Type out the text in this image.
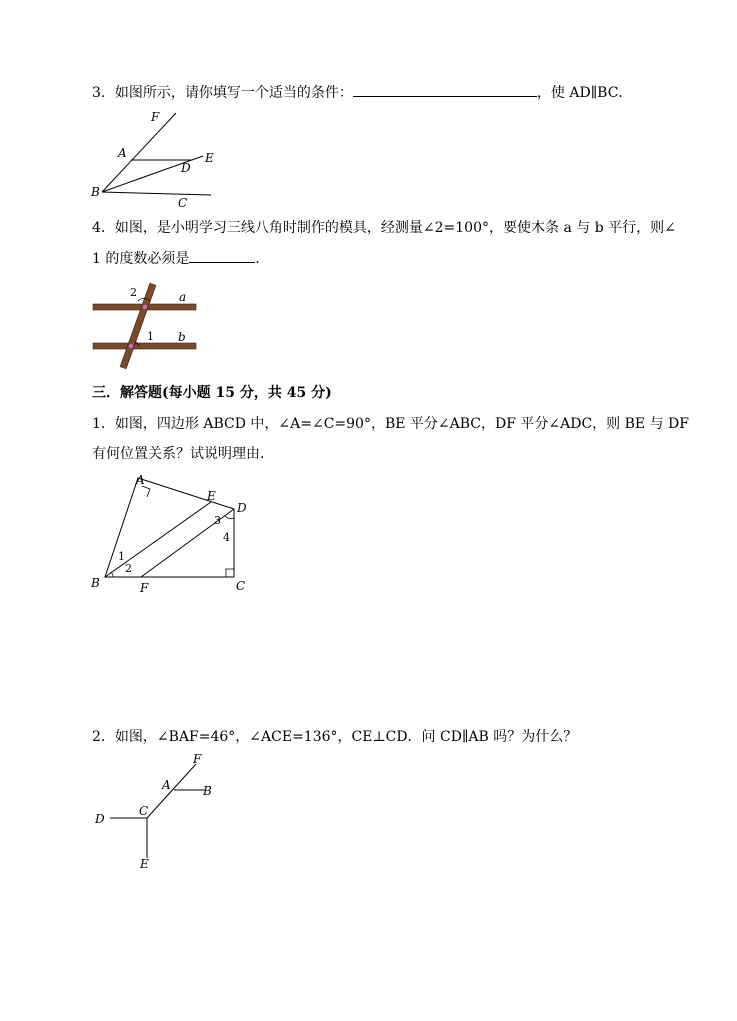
3．如图所示，请你填写一个适当的条件：	，使 AD∥BC．
F
A	E
D
B
C
4．如图，是小明学习三线八角时制作的模具，经测量∠2=100°，要使木条 a 与 b 平行，则∠
1 的度数必须是	．
2	a
1 b
三．解答题(每小题 15 分，共 45 分)
1．如图，四边形 ABCD 中，∠A=∠C=90°，BE 平分∠ABC，DF 平分∠ADC，则 BE 与 DF
有何位置关系？试说明理由．
A
E
D
3
4
1
2
B	F	C
2．如图，∠BAF=46°，∠ACE=136°，CE⊥CD．问 CD∥AB 吗？为什么？
F
A	B
C
D
E
